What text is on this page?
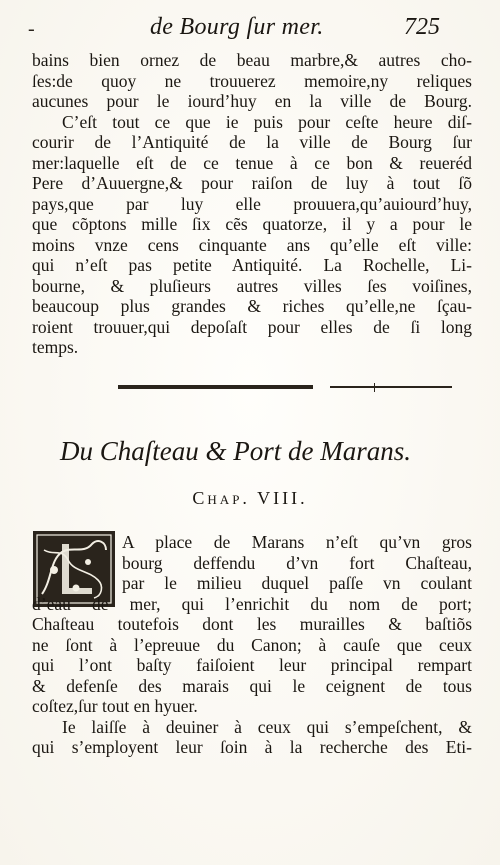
-	de Bourg ſur mer.	725
bains bien ornez de beau marbre,& autres cho-
ſes:de quoy ne trouuerez memoire,ny reliques
aucunes pour le iourd’huy en la ville de Bourg.
C’eſt tout ce que ie puis pour ceſte heure diſ-
courir de l’Antiquité de la ville de Bourg ſur
mer:laquelle eſt de ce tenue à ce bon & reueréd
Pere d’Auuergne,& pour raiſon de luy à tout ſõ
pays,que par luy elle prouuera,qu’auiourd’huy,
que cõptons mille ſix cẽs quatorze, il y a pour le
moins vnze cens cinquante ans qu’elle eſt ville:
qui n’eſt pas petite Antiquité. La Rochelle, Li-
bourne, & pluſieurs autres villes ſes voiſines,
beaucoup plus grandes & riches qu’elle,ne ſçau-
roient trouuer,qui depoſaſt pour elles de ſi long
temps.
Du Chaſteau & Port de Marans.
Chap. VIII.
A place de Marans n’eſt qu’vn gros
bourg deffendu d’vn fort Chaſteau,
par le milieu duquel paſſe vn coulant
d’eau de mer, qui l’enrichit du nom de port;
Chaſteau toutefois dont les murailles & baſtiõs
ne ſont à l’epreuue du Canon; à cauſe que ceux
qui l’ont baſty faiſoient leur principal rempart
& defenſe des marais qui le ceignent de tous
coſtez,ſur tout en hyuer.
Ie laiſſe à deuiner à ceux qui s’empeſchent, &
qui s’employent leur ſoin à la recherche des Eti-
